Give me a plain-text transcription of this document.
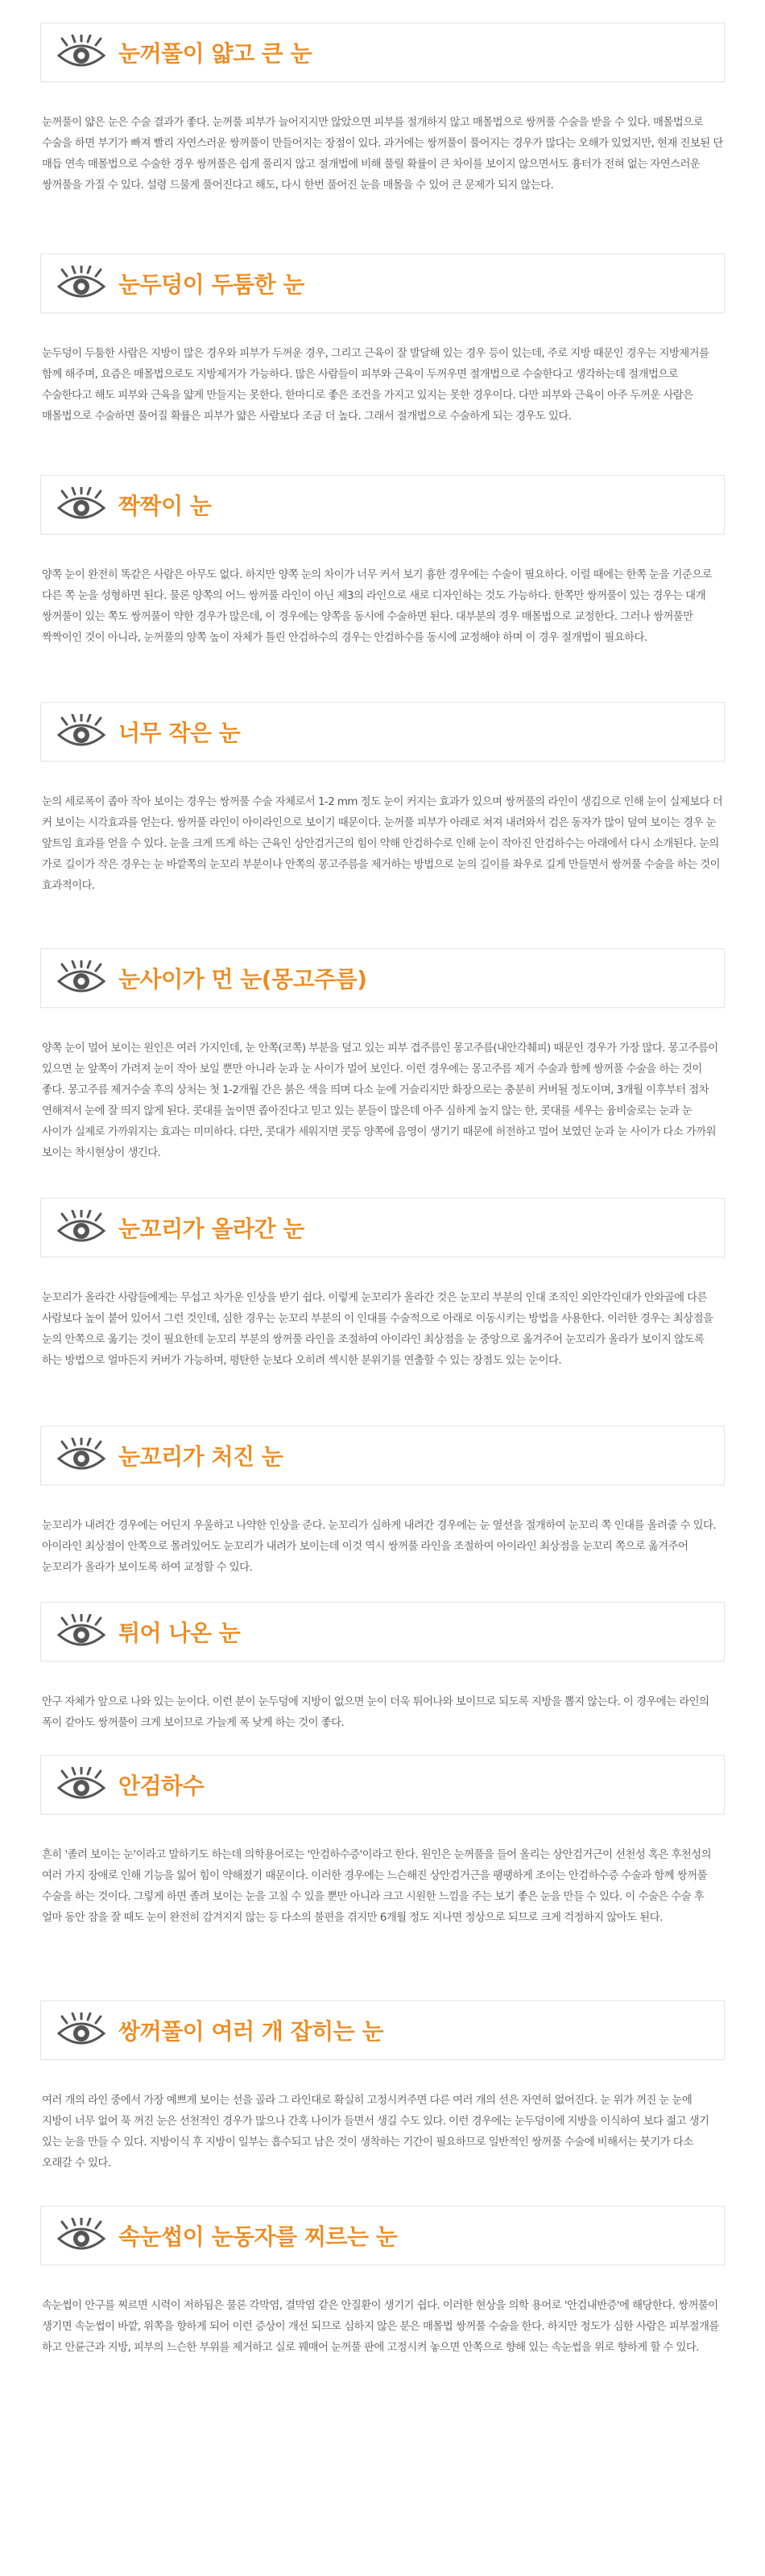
눈꺼풀이 얇고 큰 눈

눈꺼풀이 얇은 눈은 수술 결과가 좋다. 눈꺼풀 피부가 늘어지지만 않았으면 피부를 절개하지 않고 매몰법으로 쌍꺼풀 수술을 받을 수 있다. 매몰법으로 수술을 하면 부기가 빠져 빨리 자연스러운 쌍꺼풀이 만들어지는 장점이 있다. 과거에는 쌍꺼풀이 풀어지는 경우가 많다는 오해가 있었지만, 현재 진보된 단 매듭 연속 매몰법으로 수술한 경우 쌍꺼풀은 쉽게 풀리지 않고 절개법에 비해 풀릴 확률이 큰 차이를 보이지 않으면서도 흉터가 전혀 없는 자연스러운 쌍꺼풀을 가질 수 있다. 설령 드물게 풀어진다고 해도, 다시 한번 풀어진 눈을 매몰을 수 있어 큰 문제가 되지 않는다.

눈두덩이 두툼한 눈

눈두덩이 두툼한 사람은 지방이 많은 경우와 피부가 두꺼운 경우, 그리고 근육이 잘 발달해 있는 경우 등이 있는데, 주로 지방 때문인 경우는 지방제거를 함께 해주며, 요즘은 매몰법으로도 지방제거가 가능하다. 많은 사람들이 피부와 근육이 두꺼우면 절개법으로 수술한다고 생각하는데 절개법으로 수술한다고 해도 피부와 근육을 얇게 만들지는 못한다. 한마디로 좋은 조건을 가지고 있지는 못한 경우이다. 다만 피부와 근육이 아주 두꺼운 사람은 매몰법으로 수술하면 풀어질 확률은 피부가 얇은 사람보다 조금 더 높다. 그래서 절개법으로 수술하게 되는 경우도 있다.

짝짝이 눈

양쪽 눈이 완전히 똑같은 사람은 아무도 없다. 하지만 양쪽 눈의 차이가 너무 커서 보기 흉한 경우에는 수술이 필요하다. 이럴 때에는 한쪽 눈을 기준으로 다른 쪽 눈을 성형하면 된다. 물론 양쪽의 어느 쌍꺼풀 라인이 아닌 제3의 라인으로 새로 디자인하는 것도 가능하다. 한쪽만 쌍꺼풀이 있는 경우는 대개 쌍꺼풀이 있는 쪽도 쌍꺼풀이 약한 경우가 많은데, 이 경우에는 양쪽을 동시에 수술하면 된다. 대부분의 경우 매몰법으로 교정한다. 그러나 쌍꺼풀만 짝짝이인 것이 아니라, 눈꺼풀의 양쪽 높이 자체가 틀린 안검하수의 경우는 안검하수를 동시에 교정해야 하며 이 경우 절개법이 필요하다.

너무 작은 눈

눈의 세로폭이 좁아 작아 보이는 경우는 쌍꺼풀 수술 자체로서 1-2 mm 정도 눈이 커지는 효과가 있으며 쌍꺼풀의 라인이 생김으로 인해 눈이 실제보다 더 커 보이는 시각효과를 얻는다. 쌍꺼풀 라인이 아이라인으로 보이기 때문이다. 눈꺼풀 피부가 아래로 쳐져 내려와서 검은 동자가 많이 덮여 보이는 경우 눈 앞트임 효과를 얻을 수 있다. 눈을 크게 뜨게 하는 근육인 상안검거근의 힘이 약해 안검하수로 인해 눈이 작아진 안검하수는 아래에서 다시 소개된다. 눈의 가로 길이가 작은 경우는 눈 바깥쪽의 눈꼬리 부분이나 안쪽의 몽고주름을 제거하는 방법으로 눈의 길이를 좌우로 길게 만들면서 쌍꺼풀 수술을 하는 것이 효과적이다.

눈사이가 먼 눈(몽고주름)

양쪽 눈이 멀어 보이는 원인은 여러 가지인데, 눈 안쪽(코쪽) 부분을 덮고 있는 피부 겹주름인 몽고주름(내안각췌피) 때문인 경우가 가장 많다. 몽고주름이 있으면 눈 앞쪽이 가려져 눈이 작아 보일 뿐만 아니라 눈과 눈 사이가 멀어 보인다. 이런 경우에는 몽고주름 제거 수술과 함께 쌍꺼풀 수술을 하는 것이 좋다. 몽고주름 제거수술 후의 상처는 첫 1-2개월 간은 붉은 색을 띄며 다소 눈에 거슬리지만 화장으로는 충분히 커버될 정도이며, 3개월 이후부터 점차 연해져서 눈에 잘 띄지 않게 된다. 콧대를 높이면 좁아진다고 믿고 있는 분들이 많은데 아주 심하게 높지 않는 한, 콧대를 세우는 융비술로는 눈과 눈 사이가 실제로 가까워지는 효과는 미미하다. 다만, 콧대가 세워지면 콧등 양쪽에 음영이 생기기 때문에 허전하고 멀어 보였던 눈과 눈 사이가 다소 가까워 보이는 착시현상이 생긴다.

눈꼬리가 올라간 눈

눈꼬리가 올라간 사람들에게는 무섭고 차가운 인상을 받기 쉽다. 이렇게 눈꼬리가 올라간 것은 눈꼬리 부분의 인대 조직인 외안각인대가 안와골에 다른 사람보다 높이 붙어 있어서 그런 것인데, 심한 경우는 눈꼬리 부분의 이 인대를 수술적으로 아래로 이동시키는 방법을 사용한다. 이러한 경우는 최상점을 눈의 안쪽으로 옮기는 것이 필요한데 눈꼬리 부분의 쌍꺼풀 라인을 조절하여 아이라인 최상점을 눈 중앙으로 옮겨주어 눈꼬리가 올라가 보이지 않도록 하는 방법으로 얼마든지 커버가 가능하며, 평탄한 눈보다 오히려 섹시한 분위기를 연출할 수 있는 장점도 있는 눈이다.

눈꼬리가 처진 눈

눈꼬리가 내려간 경우에는 어딘지 우울하고 나약한 인상을 준다. 눈꼬리가 심하게 내려간 경우에는 눈 옆선을 절개하여 눈꼬리 쪽 인대를 올려줄 수 있다. 아이라인 최상점이 안쪽으로 몰려있어도 눈꼬리가 내려가 보이는데 이것 역시 쌍꺼풀 라인을 조절하여 아이라인 최상점을 눈꼬리 쪽으로 옮겨주어 눈꼬리가 올라가 보이도록 하여 교정할 수 있다.

튀어 나온 눈

안구 자체가 앞으로 나와 있는 눈이다. 이런 분이 눈두덩에 지방이 없으면 눈이 더욱 튀어나와 보이므로 되도록 지방을 뽑지 않는다. 이 경우에는 라인의 폭이 같아도 쌍꺼풀이 크게 보이므로 가늘게 폭 낮게 하는 것이 좋다.

안검하수

흔히 '졸려 보이는 눈'이라고 말하기도 하는데 의학용어로는 '안검하수증'이라고 한다. 원인은 눈꺼풀을 들어 올리는 상안검거근이 선천성 혹은 후천성의 여러 가지 장애로 인해 기능을 잃어 힘이 약해졌기 때문이다. 이러한 경우에는 느슨해진 상안검거근을 팽팽하게 조이는 안검하수증 수술과 함께 쌍꺼풀 수술을 하는 것이다. 그렇게 하면 졸려 보이는 눈을 고칠 수 있을 뿐만 아니라 크고 시원한 느낌을 주는 보기 좋은 눈을 만들 수 있다. 이 수술은 수술 후 얼마 동안 잠을 잘 때도 눈이 완전히 감겨지지 않는 등 다소의 불편을 겪지만 6개월 정도 지나면 정상으로 되므로 크게 걱정하지 않아도 된다.

쌍꺼풀이 여러 개 잡히는 눈

여러 개의 라인 중에서 가장 예쁘게 보이는 선을 골라 그 라인대로 확실히 고정시켜주면 다른 여러 개의 선은 자연히 없어진다. 눈 위가 꺼진 눈 눈에 지방이 너무 없어 푹 꺼진 눈은 선천적인 경우가 많으나 간혹 나이가 들면서 생길 수도 있다. 이런 경우에는 눈두덩이에 지방을 이식하여 보다 젊고 생기 있는 눈을 만들 수 있다. 지방이식 후 지방이 일부는 흡수되고 남은 것이 생착하는 기간이 필요하므로 일반적인 쌍꺼풀 수술에 비해서는 붓기가 다소 오래갈 수 있다.

속눈썹이 눈동자를 찌르는 눈

속눈썹이 안구를 찌르면 시력이 저하됨은 물론 각막염, 결막염 같은 안질환이 생기기 쉽다. 이러한 현상을 의학 용어로 '안검내반증'에 해당한다. 쌍꺼풀이 생기면 속눈썹이 바깥, 위쪽을 향하게 되어 이런 증상이 개선 되므로 심하지 않은 분은 매몰법 쌍꺼풀 수술을 한다. 하지만 정도가 심한 사람은 피부절개를 하고 안륜근과 지방, 피부의 느슨한 부위를 제거하고 실로 꿰매어 눈꺼풀 판에 고정시켜 놓으면 안쪽으로 향해 있는 속눈썹을 위로 향하게 할 수 있다.
